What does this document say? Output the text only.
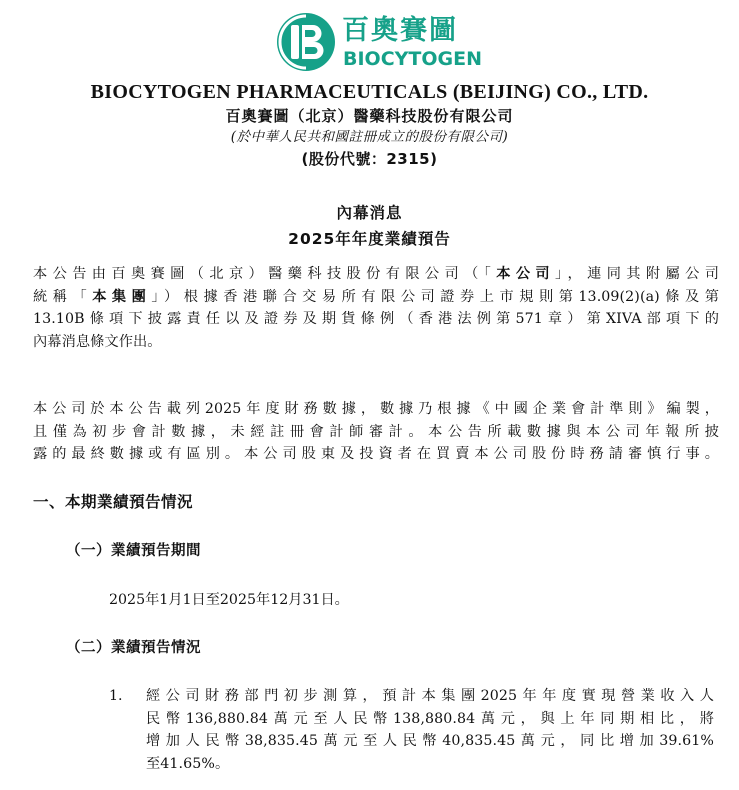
百奧賽圖
BIOCYTOGEN
BIOCYTOGEN PHARMACEUTICALS (BEIJING) CO., LTD.
百奧賽圖（北京）醫藥科技股份有限公司
(於中華人民共和國註冊成立的股份有限公司)
(股份代號：2315)
內幕消息
2025年年度業績預告
本公告由百奧賽圖（北京）醫藥科技股份有限公司（「本公司」，連同其附屬公司
統稱「本集團」）根據香港聯合交易所有限公司證券上市規則第13.09(2)(a)條及第
13.10B條項下披露責任以及證券及期貨條例（香港法例第571章）第XIVA部項下的
內幕消息條文作出。
本公司於本公告載列2025年度財務數據，數據乃根據《中國企業會計準則》編製，
且僅為初步會計數據，未經註冊會計師審計。本公告所載數據與本公司年報所披
露的最終數據或有區別。本公司股東及投資者在買賣本公司股份時務請審慎行事。
一、本期業績預告情況
（一）業績預告期間
2025年1月1日至2025年12月31日。
（二）業績預告情況
1. 經公司財務部門初步測算，預計本集團2025年年度實現營業收入人
民幣136,880.84萬元至人民幣138,880.84萬元，與上年同期相比，將
增加人民幣38,835.45萬元至人民幣40,835.45萬元，同比增加39.61%
至41.65%。
